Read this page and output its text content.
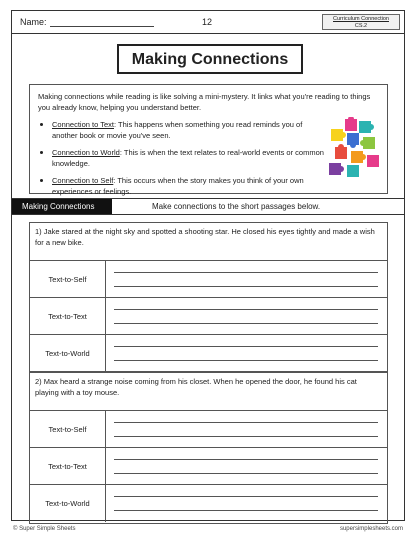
Name:	12	Curriculum Connection
CS.2
Making Connections

Making connections while reading is like solving a mini-mystery. It links what you're reading to things you already know, helping you understand better.

Connection to Text: This happens when something you read reminds you of another book or movie you've seen.
Connection to World: This is when the text relates to real-world events or common knowledge.
Connection to Self: This occurs when the story makes you think of your own experiences or feelings.
Making Connections	Make connections to the short passages below.
1) Jake stared at the night sky and spotted a shooting star. He closed his eyes tightly and made a wish for a new bike.
Text-to-Self
Text-to-Text
Text-to-World
2) Max heard a strange noise coming from his closet. When he opened the door, he found his cat playing with a toy mouse.
Text-to-Self
Text-to-Text
Text-to-World
© Super Simple Sheets	supersimplesheets.com
